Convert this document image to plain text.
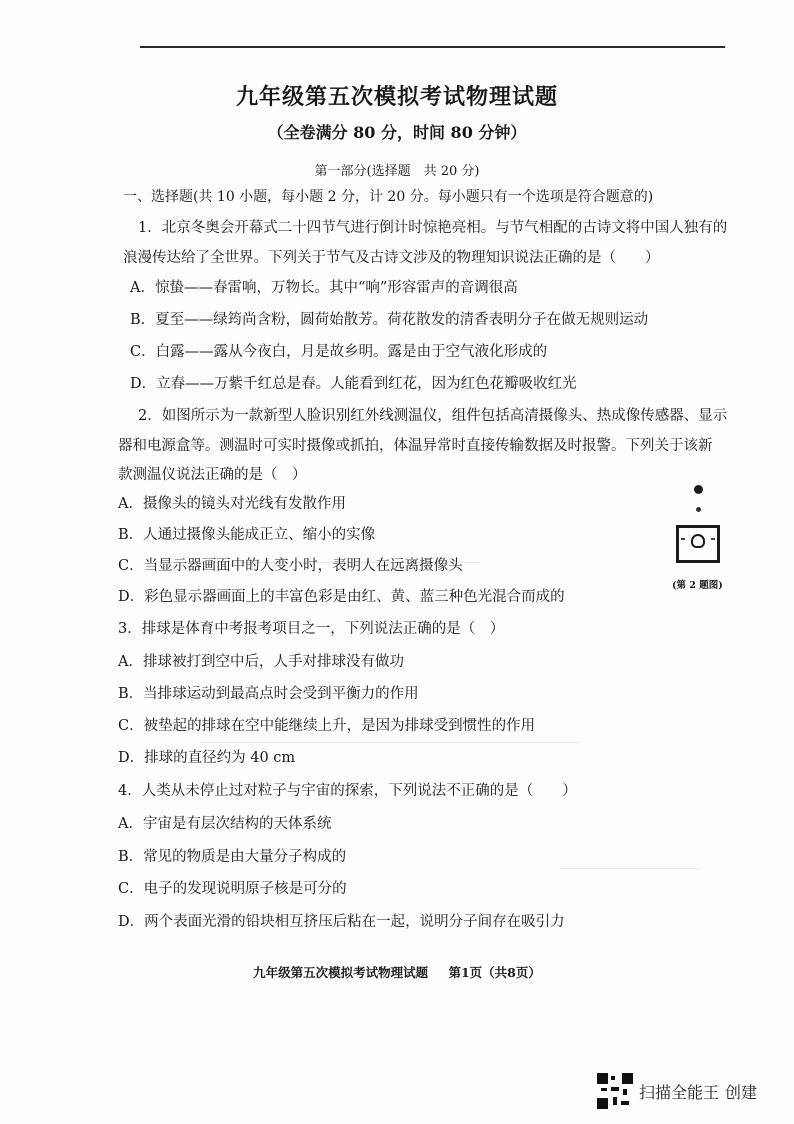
九年级第五次模拟考试物理试题
（全卷满分 80 分，时间 80 分钟）
第一部分(选择题　共 20 分)
一、选择题(共 10 小题，每小题 2 分，计 20 分。每小题只有一个选项是符合题意的)
1．北京冬奥会开幕式二十四节气进行倒计时惊艳亮相。与节气相配的古诗文将中国人独有的
浪漫传达给了全世界。下列关于节气及古诗文涉及的物理知识说法正确的是（　　）
A．惊蛰——春雷响，万物长。其中“响”形容雷声的音调很高
B．夏至——绿筠尚含粉，圆荷始散芳。荷花散发的清香表明分子在做无规则运动
C．白露——露从今夜白，月是故乡明。露是由于空气液化形成的
D．立春——万紫千红总是春。人能看到红花，因为红色花瓣吸收红光
2．如图所示为一款新型人脸识别红外线测温仪，组件包括高清摄像头、热成像传感器、显示
器和电源盒等。测温时可实时摄像或抓拍，体温异常时直接传输数据及时报警。下列关于该新
款测温仪说法正确的是（　）
A．摄像头的镜头对光线有发散作用
B．人通过摄像头能成正立、缩小的实像
C．当显示器画面中的人变小时，表明人在远离摄像头
D．彩色显示器画面上的丰富色彩是由红、黄、蓝三种色光混合而成的
(第 2 题图)
3．排球是体育中考报考项目之一，下列说法正确的是（　）
A．排球被打到空中后，人手对排球没有做功
B．当排球运动到最高点时会受到平衡力的作用
C．被垫起的排球在空中能继续上升，是因为排球受到惯性的作用
D．排球的直径约为 40 cm
4．人类从未停止过对粒子与宇宙的探索，下列说法不正确的是（　　）
A．宇宙是有层次结构的天体系统
B．常见的物质是由大量分子构成的
C．电子的发现说明原子核是可分的
D．两个表面光滑的铅块相互挤压后粘在一起，说明分子间存在吸引力
九年级第五次模拟考试物理试题 第1页（共8页）
扫描全能王 创建
